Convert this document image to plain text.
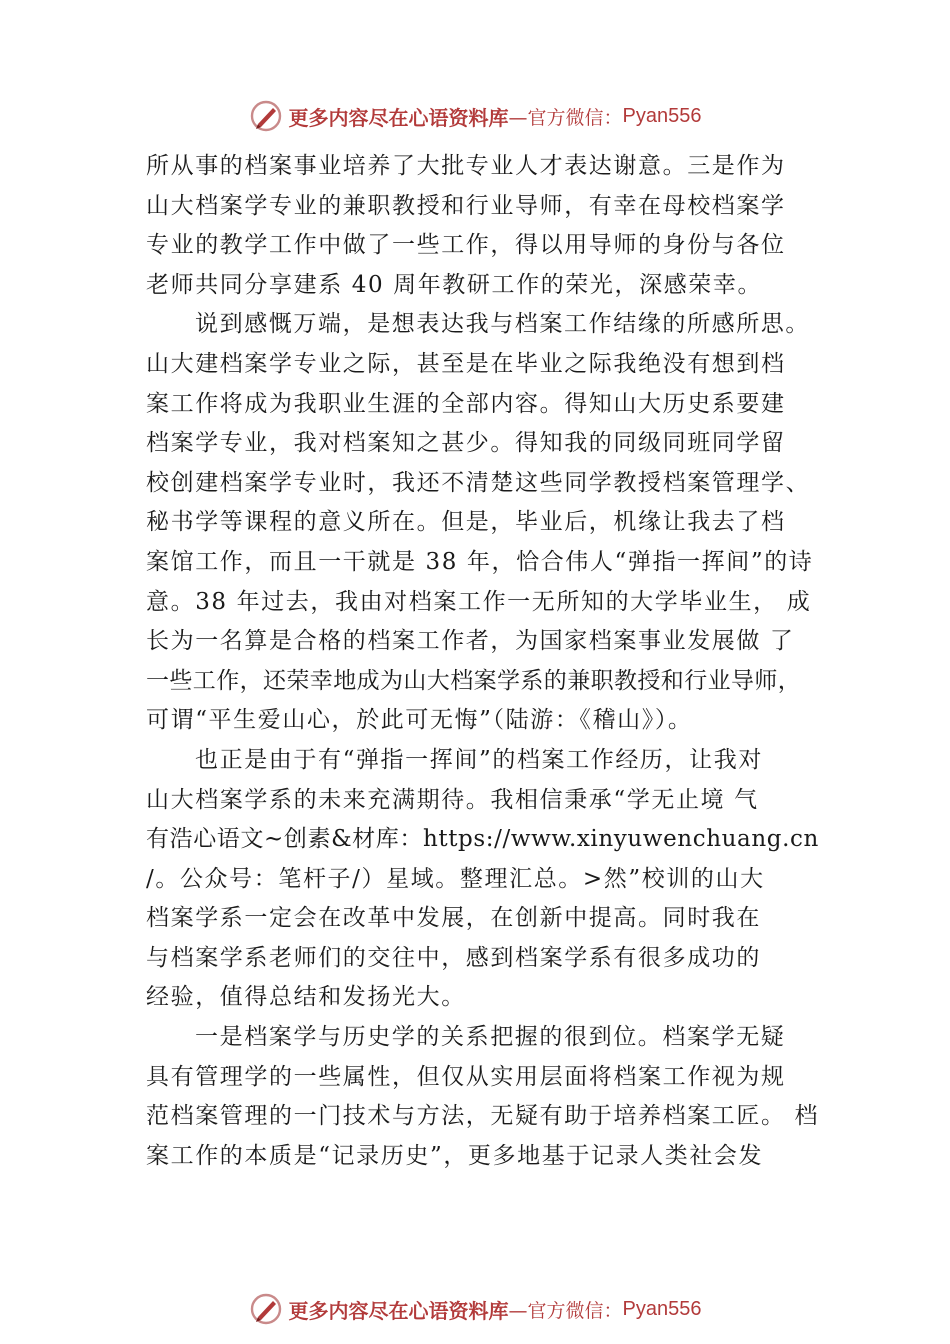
更多内容尽在心语资料库 —官方微信： Pyan556
所从事的档案事业培养了大批专业人才表达谢意。三是作为
山大档案学专业的兼职教授和行业导师，有幸在母校档案学
专业的教学工作中做了一些工作，得以用导师的身份与各位
老师共同分享建系 40 周年教研工作的荣光，深感荣幸。
说到感慨万端，是想表达我与档案工作结缘的所感所思。
山大建档案学专业之际，甚至是在毕业之际我绝没有想到档
案工作将成为我职业生涯的全部内容。得知山大历史系要建
档案学专业，我对档案知之甚少。得知我的同级同班同学留
校创建档案学专业时，我还不清楚这些同学教授档案管理学、
秘书学等课程的意义所在。但是，毕业后，机缘让我去了档
案馆工作，而且一干就是 38 年，恰合伟人“弹指一挥间”的诗
意。38 年过去，我由对档案工作一无所知的大学毕业生， 成
长为一名算是合格的档案工作者，为国家档案事业发展做 了
一些工作，还荣幸地成为山大档案学系的兼职教授和行业导师，
可谓“平生爱山心，於此可无悔”（陆游：《稽山》）。
也正是由于有“弹指一挥间”的档案工作经历，让我对
山大档案学系的未来充满期待。我相信秉承“学无止境 气
有浩心语文~创素&材库：https://www.xinyuwenchuang.cn
/。公众号：笔杆子/）星域。整理汇总。>然”校训的山大
档案学系一定会在改革中发展，在创新中提高。同时我在
与档案学系老师们的交往中，感到档案学系有很多成功的
经验，值得总结和发扬光大。
一是档案学与历史学的关系把握的很到位。档案学无疑
具有管理学的一些属性，但仅从实用层面将档案工作视为规
范档案管理的一门技术与方法，无疑有助于培养档案工匠。 档
案工作的本质是“记录历史”，更多地基于记录人类社会发
更多内容尽在心语资料库 —官方微信： Pyan556
